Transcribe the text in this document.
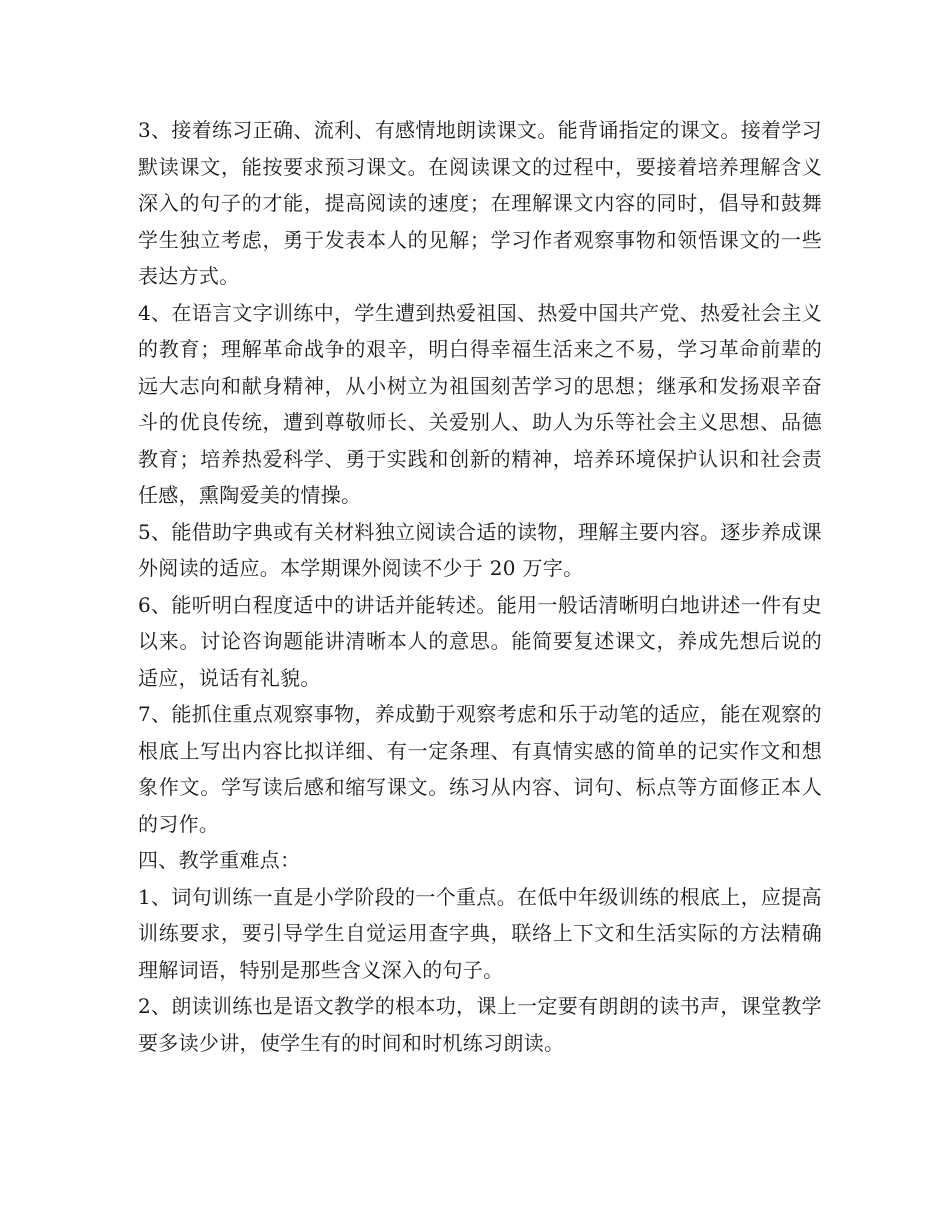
3、接着练习正确、流利、有感情地朗读课文。能背诵指定的课文。接着学习默读课文，能按要求预习课文。在阅读课文的过程中，要接着培养理解含义深入的句子的才能，提高阅读的速度；在理解课文内容的同时，倡导和鼓舞学生独立考虑，勇于发表本人的见解；学习作者观察事物和领悟课文的一些表达方式。

4、在语言文字训练中，学生遭到热爱祖国、热爱中国共产党、热爱社会主义的教育；理解革命战争的艰辛，明白得幸福生活来之不易，学习革命前辈的远大志向和献身精神，从小树立为祖国刻苦学习的思想；继承和发扬艰辛奋斗的优良传统，遭到尊敬师长、关爱别人、助人为乐等社会主义思想、品德教育；培养热爱科学、勇于实践和创新的精神，培养环境保护认识和社会责任感，熏陶爱美的情操。

5、能借助字典或有关材料独立阅读合适的读物，理解主要内容。逐步养成课外阅读的适应。本学期课外阅读不少于 20 万字。

6、能听明白程度适中的讲话并能转述。能用一般话清晰明白地讲述一件有史以来。讨论咨询题能讲清晰本人的意思。能简要复述课文，养成先想后说的适应，说话有礼貌。

7、能抓住重点观察事物，养成勤于观察考虑和乐于动笔的适应，能在观察的根底上写出内容比拟详细、有一定条理、有真情实感的简单的记实作文和想象作文。学写读后感和缩写课文。练习从内容、词句、标点等方面修正本人的习作。

四、教学重难点：

1、词句训练一直是小学阶段的一个重点。在低中年级训练的根底上，应提高训练要求，要引导学生自觉运用查字典，联络上下文和生活实际的方法精确理解词语，特别是那些含义深入的句子。

2、朗读训练也是语文教学的根本功，课上一定要有朗朗的读书声，课堂教学要多读少讲，使学生有的时间和时机练习朗读。
